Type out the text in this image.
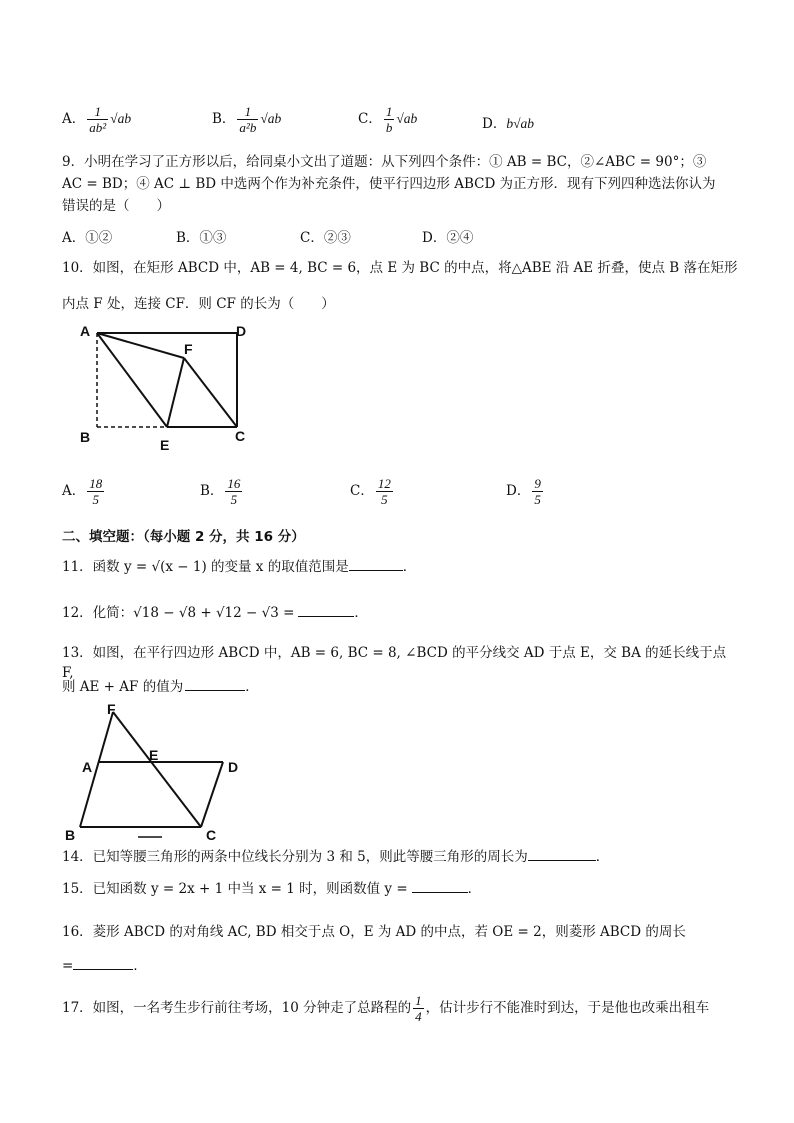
A． $\frac{1}{\text{ab²}} √ab$	B． $\frac{1}{\text{a²b}} √ab$	C． $\frac{1}{b} √ab$	D．b√ab
9．小明在学习了正方形以后，给同桌小文出了道题：从下列四个条件：① AB = BC，②∠ABC = 90°；③
AC = BD；④ AC ⊥ BD 中选两个作为补充条件，使平行四边形 ABCD 为正方形．现有下列四种选法你认为
错误的是（　　）
A．①②	B．①③	C．②③	D．②④
10．如图，在矩形 ABCD 中，AB = 4, BC = 6，点 E 为 BC 的中点，将△ABE 沿 AE 折叠，使点 B 落在矩形
内点 F 处，连接 CF．则 CF 的长为（　　）
A	D
F
B	E
C
A． $\frac{18}{5}$	B． $\frac{16}{5}$	C． $\frac{12}{5}$	D． $\frac{9}{5}$
二、填空题：（每小题 2 分，共 16 分）
11．函数 y = √(x − 1) 的变量 x 的取值范围是	．
12．化简：√18 − √8 + √12 − √3 =	．
13．如图，在平行四边形 ABCD 中，AB = 6, BC = 8, ∠BCD 的平分线交 AD 于点 E，交 BA 的延长线于点 F,
则 AE + AF 的值为	．
F
A
E
D
B	C
14．已知等腰三角形的两条中位线长分别为 3 和 5，则此等腰三角形的周长为	．
15．已知函数 y = 2x + 1 中当 x = 1 时，则函数值 y =	．
16．菱形 ABCD 的对角线 AC, BD 相交于点 O，E 为 AD 的中点，若 OE = 2，则菱形 ABCD 的周长
=	．
17．如图，一名考生步行前往考场，10 分钟走了总路程的 $\frac{1}{4}$ ，估计步行不能准时到达，于是他也改乘出租车
